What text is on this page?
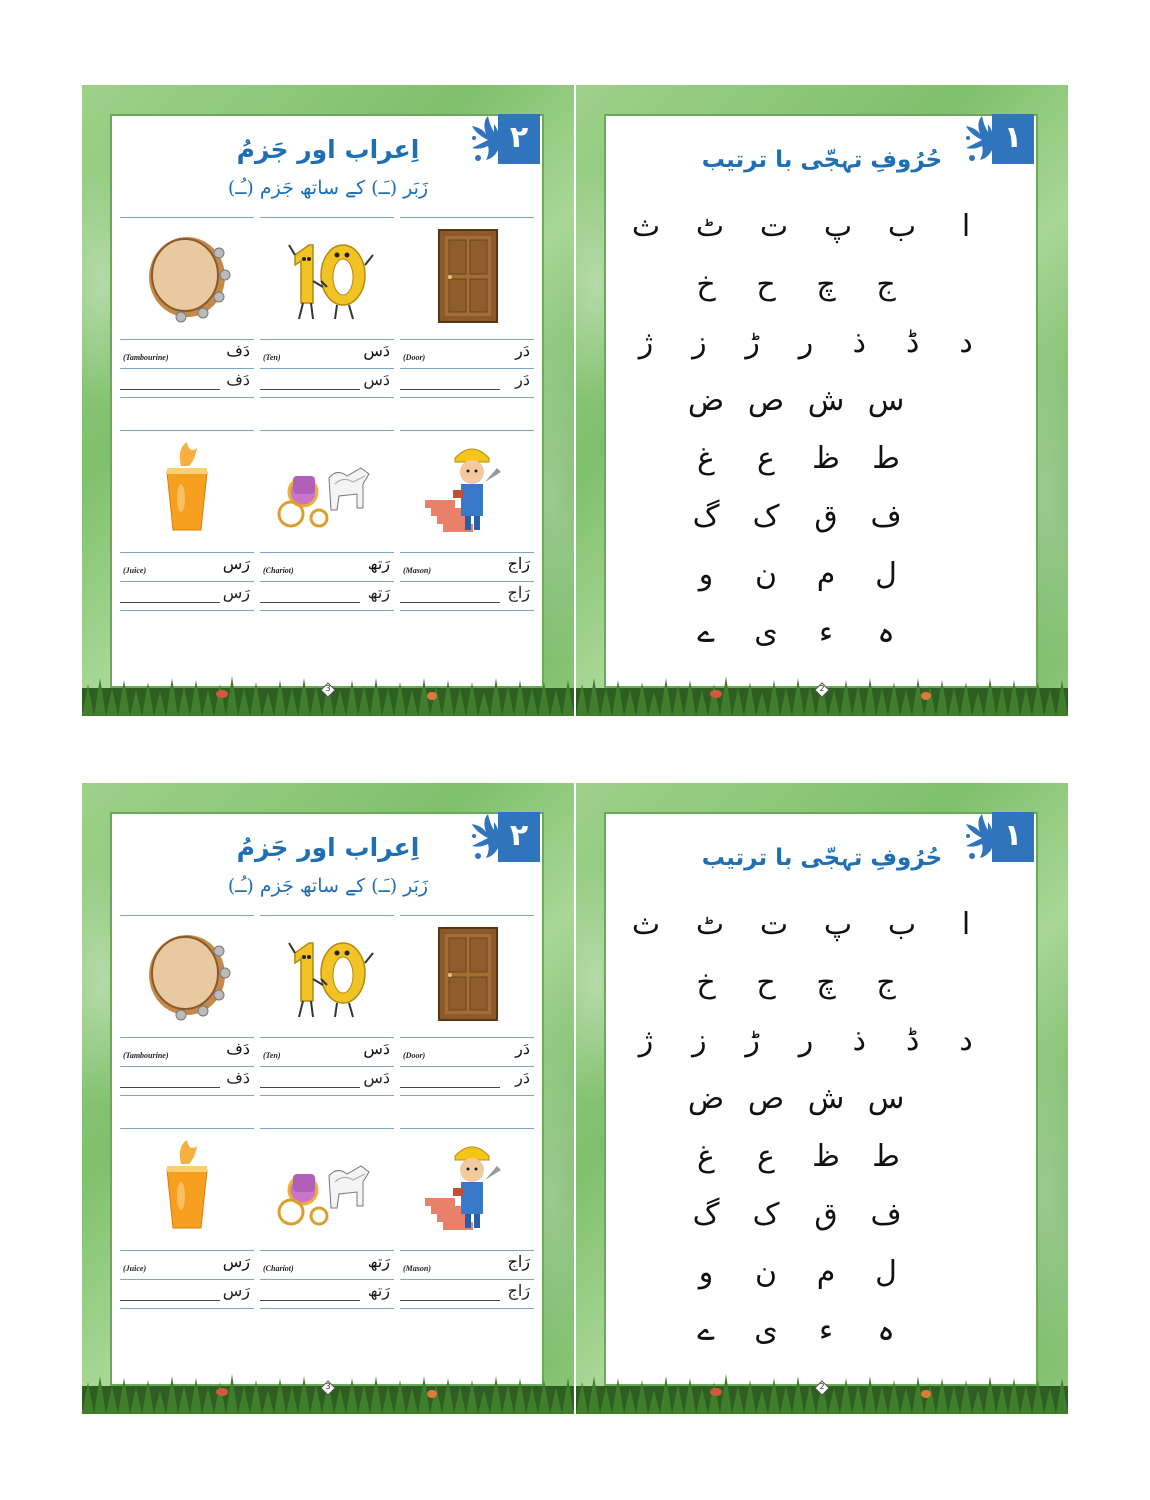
٢
اِعراب اور جَزمُ
زَبَر (ـَـ) کے ساتھ جَزم (ـُـ)
دَر
(Door)
دَر
دَس
(Ten)
دَس
دَف
(Tambourine)
دَف
رَاج
(Mason)
رَاج
رَتھ
(Chariot)
رَتھ
رَس
(Juice)
رَس
3
١
حُرُوفِ تہجّی با ترتیب
ا
ب
پ
ت
ٹ
ث
ج
چ
ح
خ
د
ڈ
ذ
ر
ڑ
ز
ژ
س
ش
ص
ض
ط
ظ
ع
غ
ف
ق
ک
گ
ل
م
ن
و
ہ
ء
ی
ے
2
٢
اِعراب اور جَزمُ
زَبَر (ـَـ) کے ساتھ جَزم (ـُـ)
دَر
(Door)
دَر
دَس
(Ten)
دَس
دَف
(Tambourine)
دَف
رَاج
(Mason)
رَاج
رَتھ
(Chariot)
رَتھ
رَس
(Juice)
رَس
3
١
حُرُوفِ تہجّی با ترتیب
ا
ب
پ
ت
ٹ
ث
ج
چ
ح
خ
د
ڈ
ذ
ر
ڑ
ز
ژ
س
ش
ص
ض
ط
ظ
ع
غ
ف
ق
ک
گ
ل
م
ن
و
ہ
ء
ی
ے
2
